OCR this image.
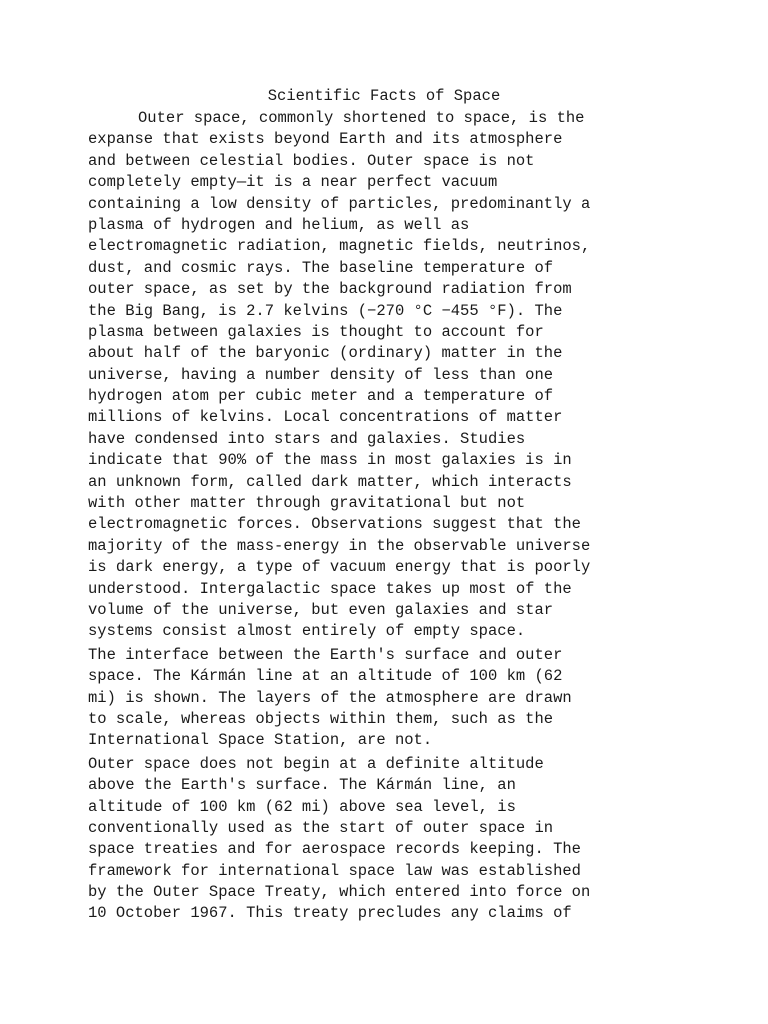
Scientific Facts of Space
Outer space, commonly shortened to space, is the
expanse that exists beyond Earth and its atmosphere
and between celestial bodies. Outer space is not
completely empty—it is a near perfect vacuum
containing a low density of particles, predominantly a
plasma of hydrogen and helium, as well as
electromagnetic radiation, magnetic fields, neutrinos,
dust, and cosmic rays. The baseline temperature of
outer space, as set by the background radiation from
the Big Bang, is 2.7 kelvins (−270 °C −455 °F). The
plasma between galaxies is thought to account for
about half of the baryonic (ordinary) matter in the
universe, having a number density of less than one
hydrogen atom per cubic meter and a temperature of
millions of kelvins. Local concentrations of matter
have condensed into stars and galaxies. Studies
indicate that 90% of the mass in most galaxies is in
an unknown form, called dark matter, which interacts
with other matter through gravitational but not
electromagnetic forces. Observations suggest that the
majority of the mass-energy in the observable universe
is dark energy, a type of vacuum energy that is poorly
understood. Intergalactic space takes up most of the
volume of the universe, but even galaxies and star
systems consist almost entirely of empty space.
The interface between the Earth's surface and outer
space. The Kármán line at an altitude of 100 km (62
mi) is shown. The layers of the atmosphere are drawn
to scale, whereas objects within them, such as the
International Space Station, are not.
Outer space does not begin at a definite altitude
above the Earth's surface. The Kármán line, an
altitude of 100 km (62 mi) above sea level, is
conventionally used as the start of outer space in
space treaties and for aerospace records keeping. The
framework for international space law was established
by the Outer Space Treaty, which entered into force on
10 October 1967. This treaty precludes any claims of
